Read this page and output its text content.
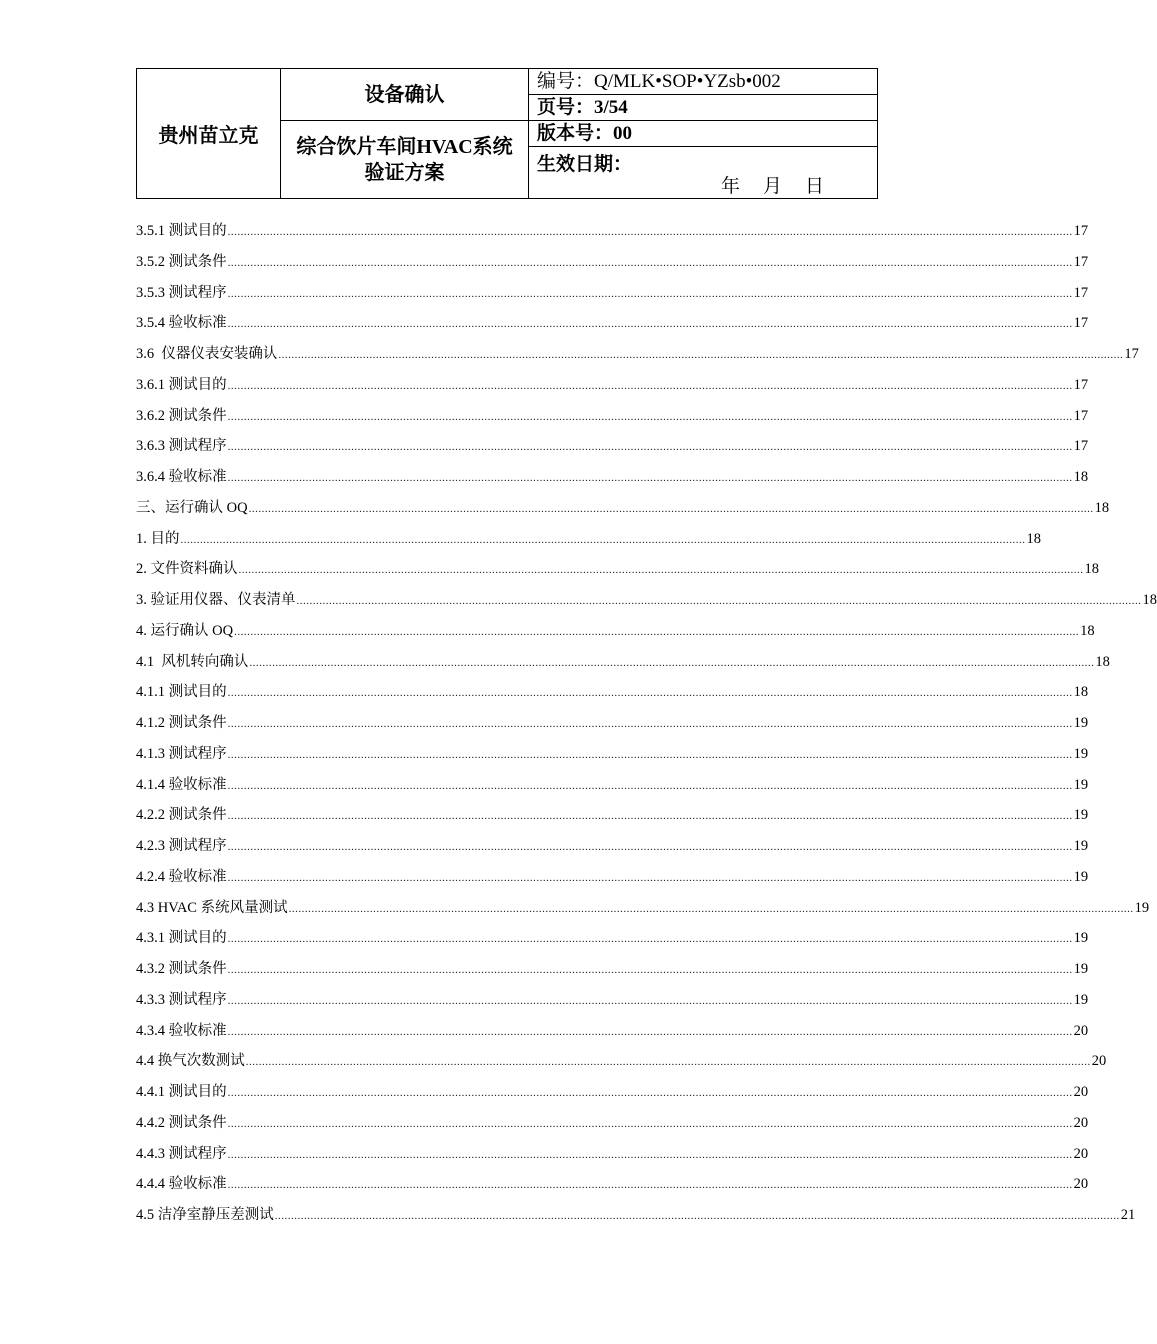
贵州苗立克	设备确认	编号：Q/MLK•SOP•YZsb•002
		页号：3/54
	综合饮片车间HVAC系统验证方案	版本号：00

		生效日期：
年 月 日
3.5.1 测试目的 .................................................................................................................................................................................................................................................................... 17
3.5.2 测试条件 .................................................................................................................................................................................................................................................................... 17
3.5.3 测试程序 .................................................................................................................................................................................................................................................................... 17
3.5.4 验收标准 .................................................................................................................................................................................................................................................................... 17
3.6  仪器仪表安装确认 .................................................................................................................................................................................................................................................................... 17
3.6.1 测试目的 .................................................................................................................................................................................................................................................................... 17
3.6.2 测试条件 .................................................................................................................................................................................................................................................................... 17
3.6.3 测试程序 .................................................................................................................................................................................................................................................................... 17
3.6.4 验收标准 .................................................................................................................................................................................................................................................................... 18
三、运行确认 OQ .................................................................................................................................................................................................................................................................... 18
1. 目的 .................................................................................................................................................................................................................................................................... 18
2. 文件资料确认 .................................................................................................................................................................................................................................................................... 18
3. 验证用仪器、仪表清单 .................................................................................................................................................................................................................................................................... 18
4. 运行确认 OQ .................................................................................................................................................................................................................................................................... 18
4.1  风机转向确认 .................................................................................................................................................................................................................................................................... 18
4.1.1 测试目的 .................................................................................................................................................................................................................................................................... 18
4.1.2 测试条件 .................................................................................................................................................................................................................................................................... 19
4.1.3 测试程序 .................................................................................................................................................................................................................................................................... 19
4.1.4 验收标准 .................................................................................................................................................................................................................................................................... 19
4.2.2 测试条件 .................................................................................................................................................................................................................................................................... 19
4.2.3 测试程序 .................................................................................................................................................................................................................................................................... 19
4.2.4 验收标准 .................................................................................................................................................................................................................................................................... 19
4.3 HVAC 系统风量测试 .................................................................................................................................................................................................................................................................... 19
4.3.1 测试目的 .................................................................................................................................................................................................................................................................... 19
4.3.2 测试条件 .................................................................................................................................................................................................................................................................... 19
4.3.3 测试程序 .................................................................................................................................................................................................................................................................... 19
4.3.4 验收标准 .................................................................................................................................................................................................................................................................... 20
4.4 换气次数测试 .................................................................................................................................................................................................................................................................... 20
4.4.1 测试目的 .................................................................................................................................................................................................................................................................... 20
4.4.2 测试条件 .................................................................................................................................................................................................................................................................... 20
4.4.3 测试程序 .................................................................................................................................................................................................................................................................... 20
4.4.4 验收标准 .................................................................................................................................................................................................................................................................... 20
4.5 洁净室静压差测试 .................................................................................................................................................................................................................................................................... 21
